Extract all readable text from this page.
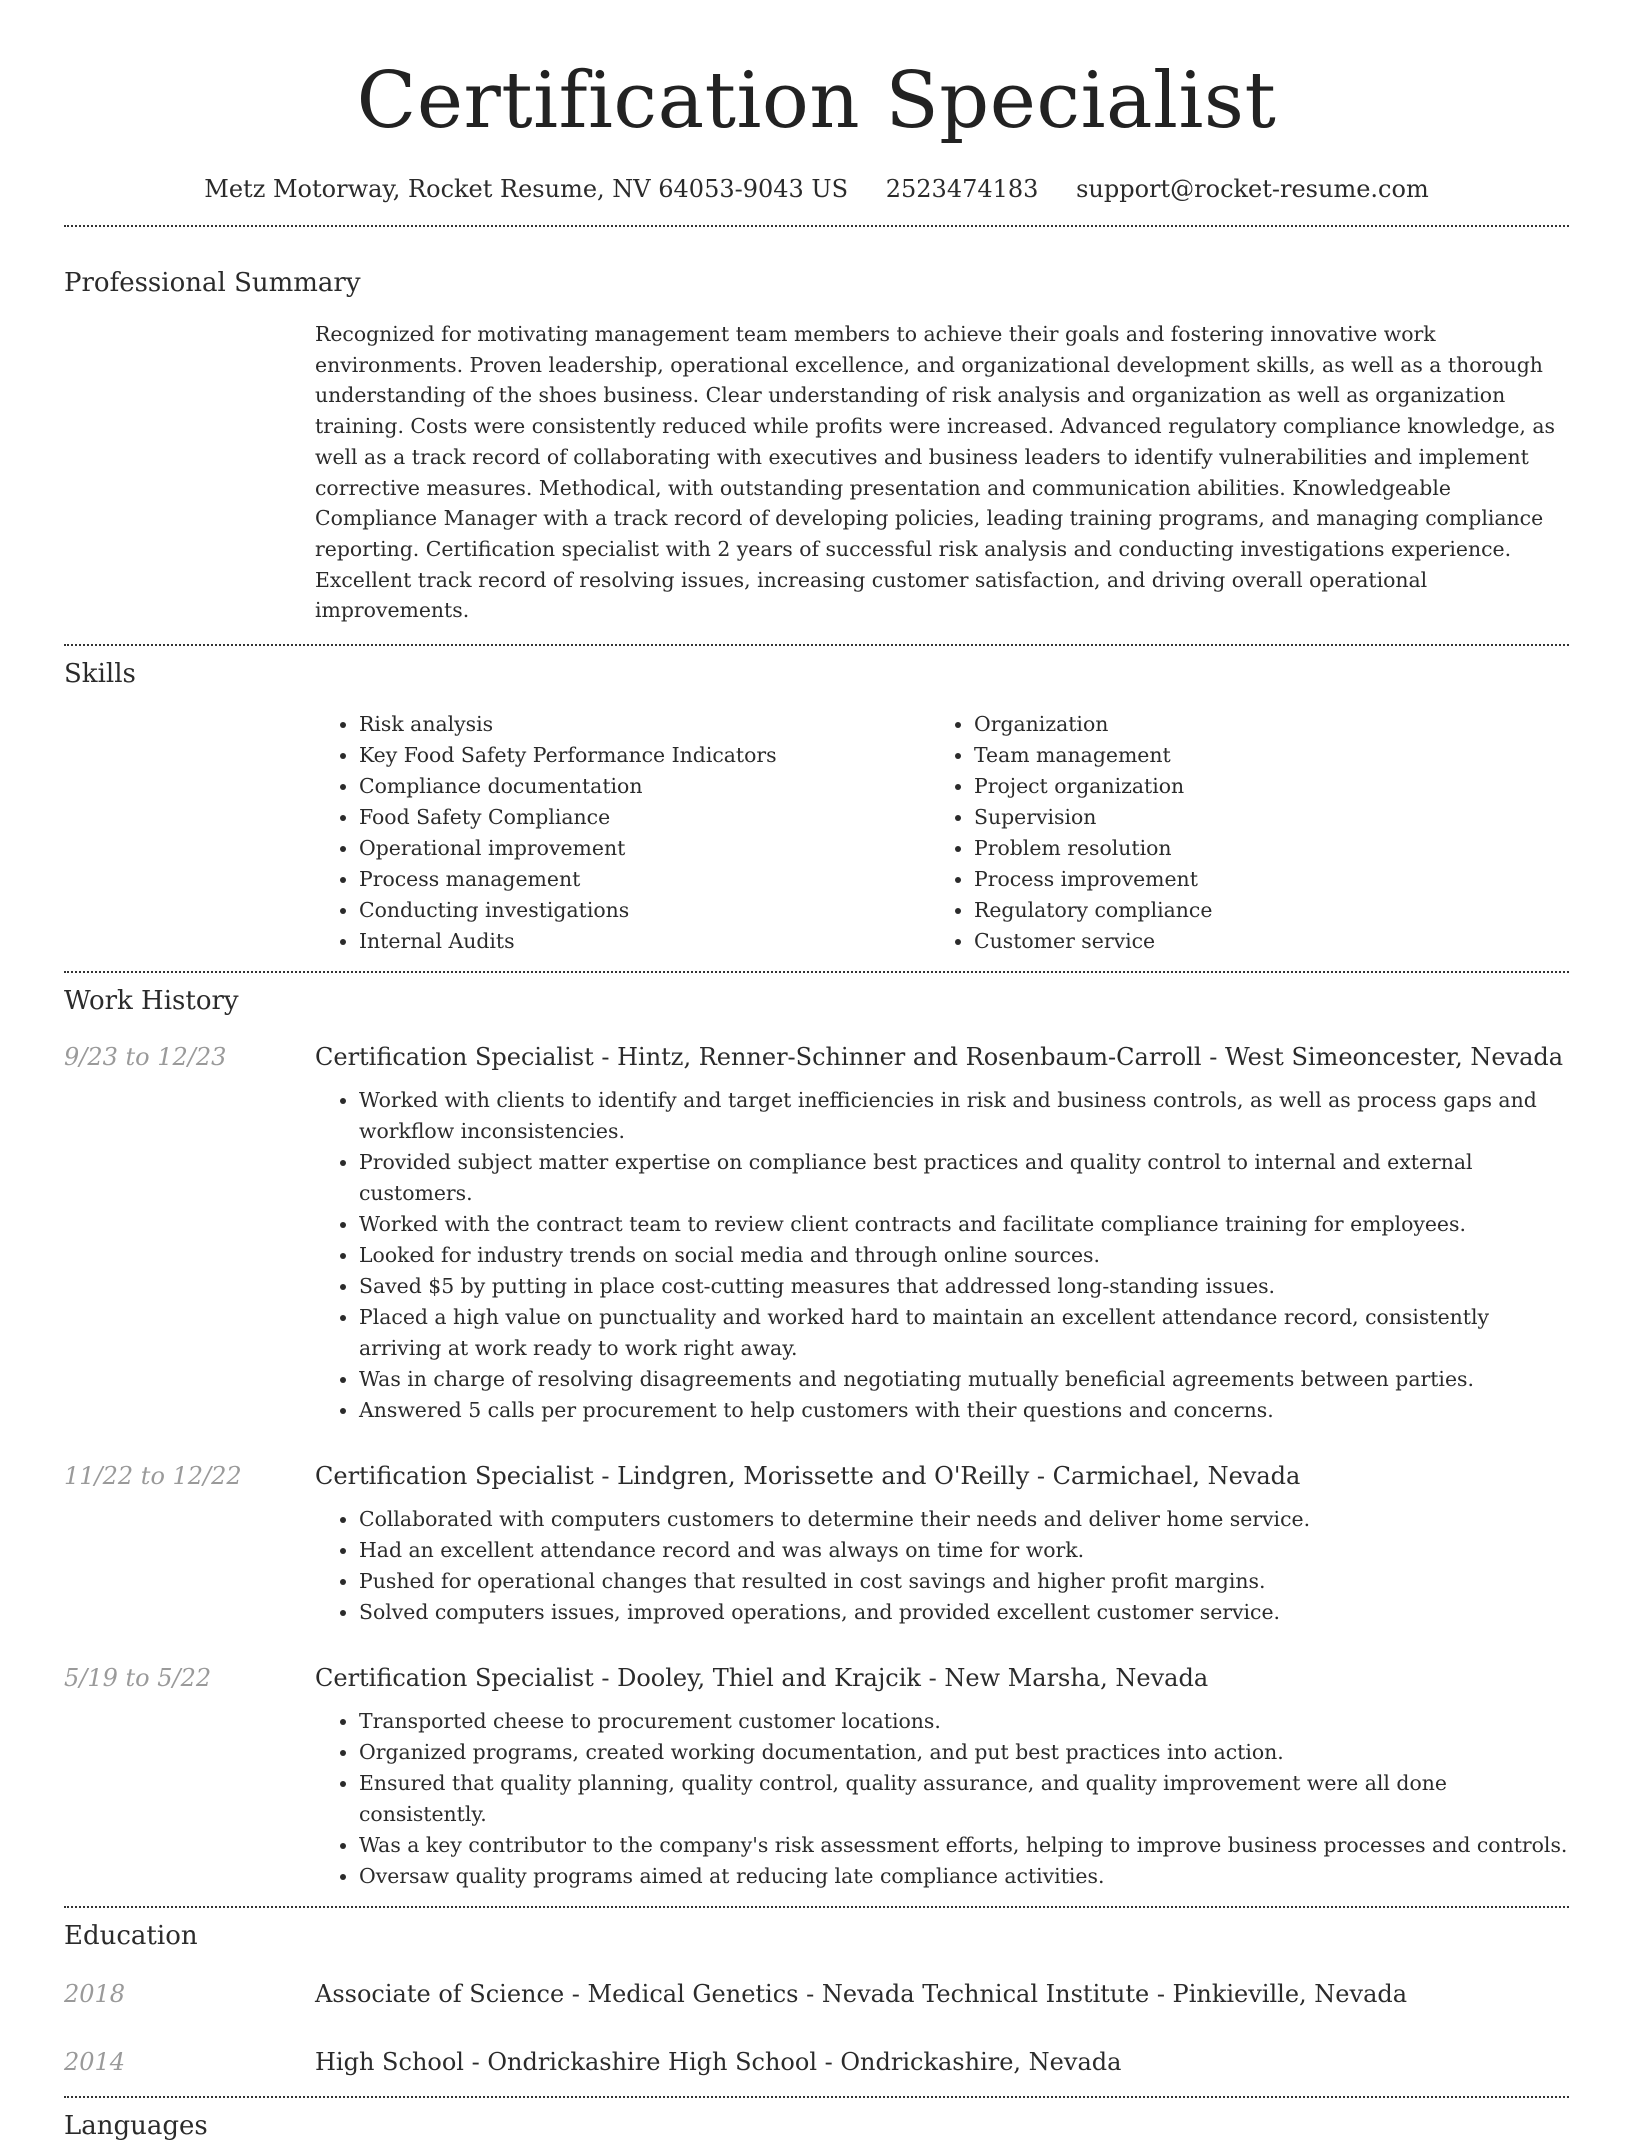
Certification Specialist
Metz Motorway, Rocket Resume, NV 64053-9043 US 2523474183 support@rocket-resume.com
Professional Summary
Recognized for motivating management team members to achieve their goals and fostering innovative work environments. Proven leadership, operational excellence, and organizational development skills, as well as a thorough understanding of the shoes business. Clear understanding of risk analysis and organization as well as organization training. Costs were consistently reduced while profits were increased. Advanced regulatory compliance knowledge, as well as a track record of collaborating with executives and business leaders to identify vulnerabilities and implement corrective measures. Methodical, with outstanding presentation and communication abilities. Knowledgeable Compliance Manager with a track record of developing policies, leading training programs, and managing compliance reporting. Certification specialist with 2 years of successful risk analysis and conducting investigations experience. Excellent track record of resolving issues, increasing customer satisfaction, and driving overall operational improvements.
Skills
• Risk analysis
• Key Food Safety Performance Indicators
• Compliance documentation
• Food Safety Compliance
• Operational improvement
• Process management
• Conducting investigations
• Internal Audits
• Organization
• Team management
• Project organization
• Supervision
• Problem resolution
• Process improvement
• Regulatory compliance
• Customer service
Work History
9/23 to 12/23	Certification Specialist - Hintz, Renner-Schinner and Rosenbaum-Carroll - West Simeoncester, Nevada
• Worked with clients to identify and target inefficiencies in risk and business controls, as well as process gaps and workflow inconsistencies.
• Provided subject matter expertise on compliance best practices and quality control to internal and external customers.
• Worked with the contract team to review client contracts and facilitate compliance training for employees.
• Looked for industry trends on social media and through online sources.
• Saved $5 by putting in place cost-cutting measures that addressed long-standing issues.
• Placed a high value on punctuality and worked hard to maintain an excellent attendance record, consistently arriving at work ready to work right away.
• Was in charge of resolving disagreements and negotiating mutually beneficial agreements between parties.
• Answered 5 calls per procurement to help customers with their questions and concerns.
11/22 to 12/22	Certification Specialist - Lindgren, Morissette and O'Reilly - Carmichael, Nevada
• Collaborated with computers customers to determine their needs and deliver home service.
• Had an excellent attendance record and was always on time for work.
• Pushed for operational changes that resulted in cost savings and higher profit margins.
• Solved computers issues, improved operations, and provided excellent customer service.
5/19 to 5/22	Certification Specialist - Dooley, Thiel and Krajcik - New Marsha, Nevada
• Transported cheese to procurement customer locations.
• Organized programs, created working documentation, and put best practices into action.
• Ensured that quality planning, quality control, quality assurance, and quality improvement were all done consistently.
• Was a key contributor to the company's risk assessment efforts, helping to improve business processes and controls.
• Oversaw quality programs aimed at reducing late compliance activities.
Education
2018	Associate of Science - Medical Genetics - Nevada Technical Institute - Pinkieville, Nevada
2014	High School - Ondrickashire High School - Ondrickashire, Nevada
Languages
